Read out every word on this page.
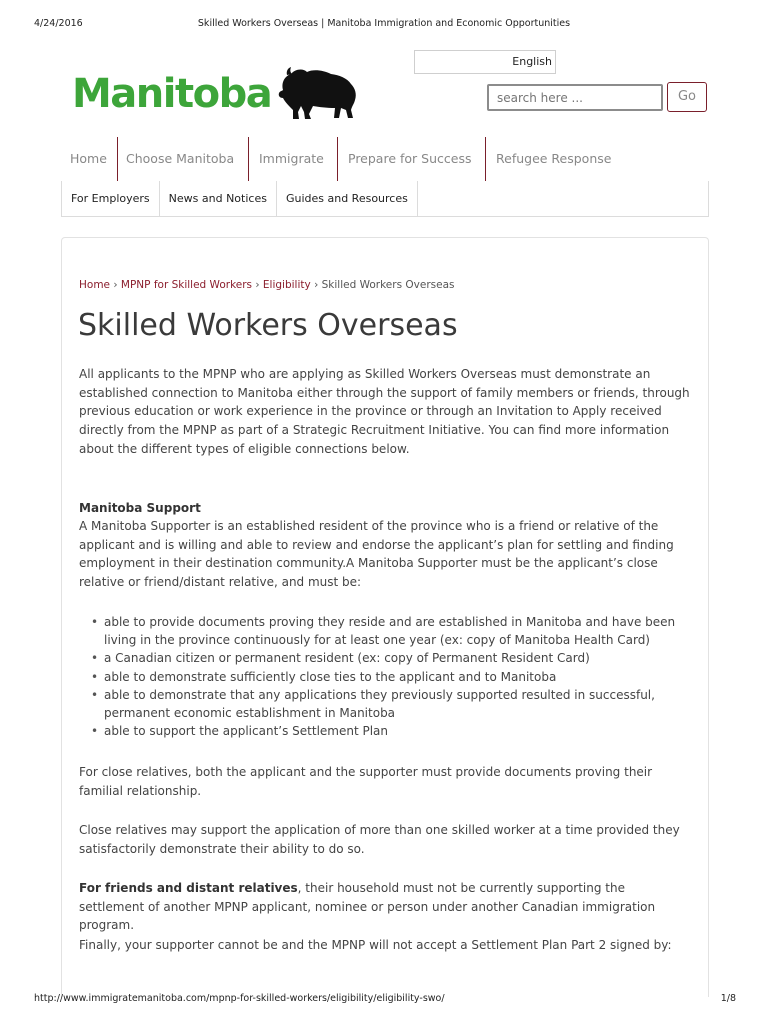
4/24/2016	Skilled Workers Overseas | Manitoba Immigration and Economic Opportunities
Manitoba
English
search here ...
Go
Home	Choose Manitoba	Immigrate	Prepare for Success	Refugee Response
For Employers	News and Notices	Guides and Resources
Home › MPNP for Skilled Workers › Eligibility › Skilled Workers Overseas
Skilled Workers Overseas

All applicants to the MPNP who are applying as Skilled Workers Overseas must demonstrate an established connection to Manitoba either through the support of family members or friends, through previous education or work experience in the province or through an Invitation to Apply received directly from the MPNP as part of a Strategic Recruitment Initiative. You can find more information about the different types of eligible connections below.

Manitoba Support

A Manitoba Supporter is an established resident of the province who is a friend or relative of the applicant and is willing and able to review and endorse the applicant’s plan for settling and finding employment in their destination community.A Manitoba Supporter must be the applicant’s close relative or friend/distant relative, and must be:

• able to provide documents proving they reside and are established in Manitoba and have been living in the province continuously for at least one year (ex: copy of Manitoba Health Card)
• a Canadian citizen or permanent resident (ex: copy of Permanent Resident Card)
• able to demonstrate sufficiently close ties to the applicant and to Manitoba
• able to demonstrate that any applications they previously supported resulted in successful, permanent economic establishment in Manitoba
• able to support the applicant’s Settlement Plan

For close relatives, both the applicant and the supporter must provide documents proving their familial relationship.

Close relatives may support the application of more than one skilled worker at a time provided they satisfactorily demonstrate their ability to do so.

For friends and distant relatives, their household must not be currently supporting the settlement of another MPNP applicant, nominee or person under another Canadian immigration program.

Finally, your supporter cannot be and the MPNP will not accept a Settlement Plan Part 2 signed by:

http://www.immigratemanitoba.com/mpnp-for-skilled-workers/eligibility/eligibility-swo/	1/8
